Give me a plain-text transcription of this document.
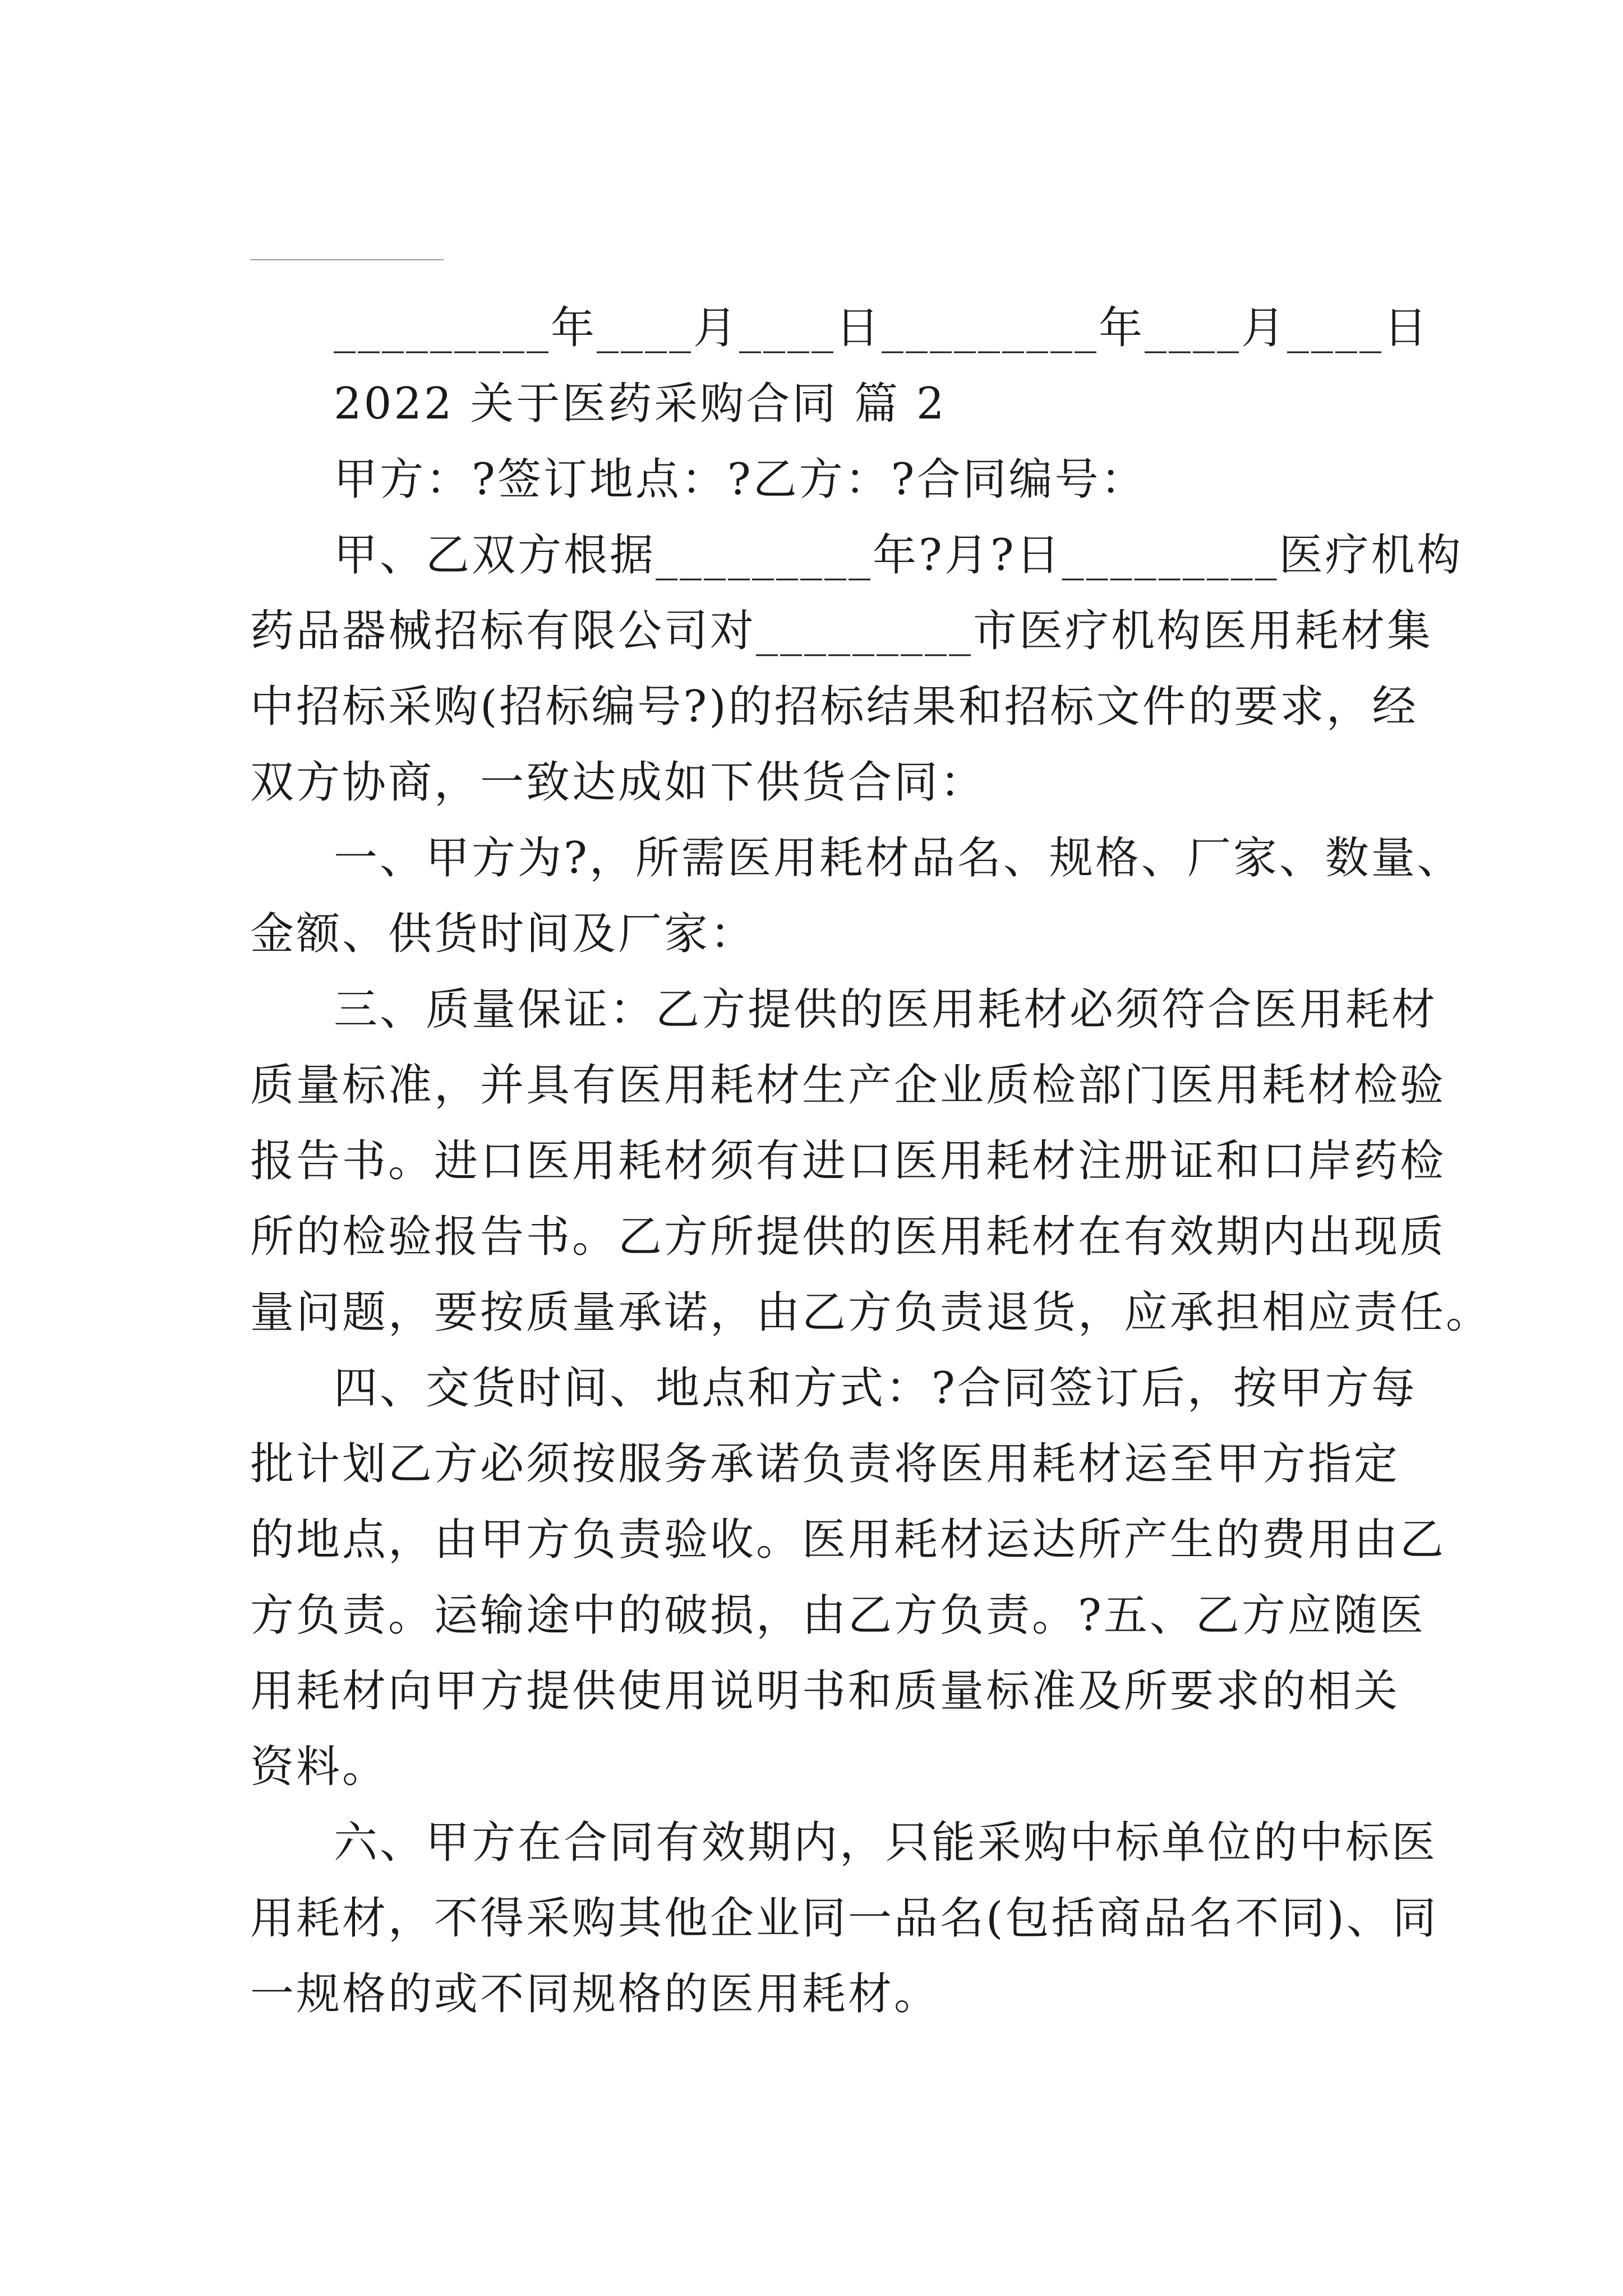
_________年____月____日_________年____月____日
2022 关于医药采购合同 篇 2
甲方：?签订地点：?乙方：?合同编号：
甲、乙双方根据_________年?月?日_________医疗机构
药品器械招标有限公司对_________市医疗机构医用耗材集
中招标采购(招标编号?)的招标结果和招标文件的要求，经
双方协商，一致达成如下供货合同：
一、甲方为?，所需医用耗材品名、规格、厂家、数量、
金额、供货时间及厂家：
三、质量保证：乙方提供的医用耗材必须符合医用耗材
质量标准，并具有医用耗材生产企业质检部门医用耗材检验
报告书。进口医用耗材须有进口医用耗材注册证和口岸药检
所的检验报告书。乙方所提供的医用耗材在有效期内出现质
量问题，要按质量承诺，由乙方负责退货，应承担相应责任。
四、交货时间、地点和方式：?合同签订后，按甲方每
批计划乙方必须按服务承诺负责将医用耗材运至甲方指定
的地点，由甲方负责验收。医用耗材运达所产生的费用由乙
方负责。运输途中的破损，由乙方负责。?五、乙方应随医
用耗材向甲方提供使用说明书和质量标准及所要求的相关
资料。
六、甲方在合同有效期内，只能采购中标单位的中标医
用耗材，不得采购其他企业同一品名(包括商品名不同)、同
一规格的或不同规格的医用耗材。
